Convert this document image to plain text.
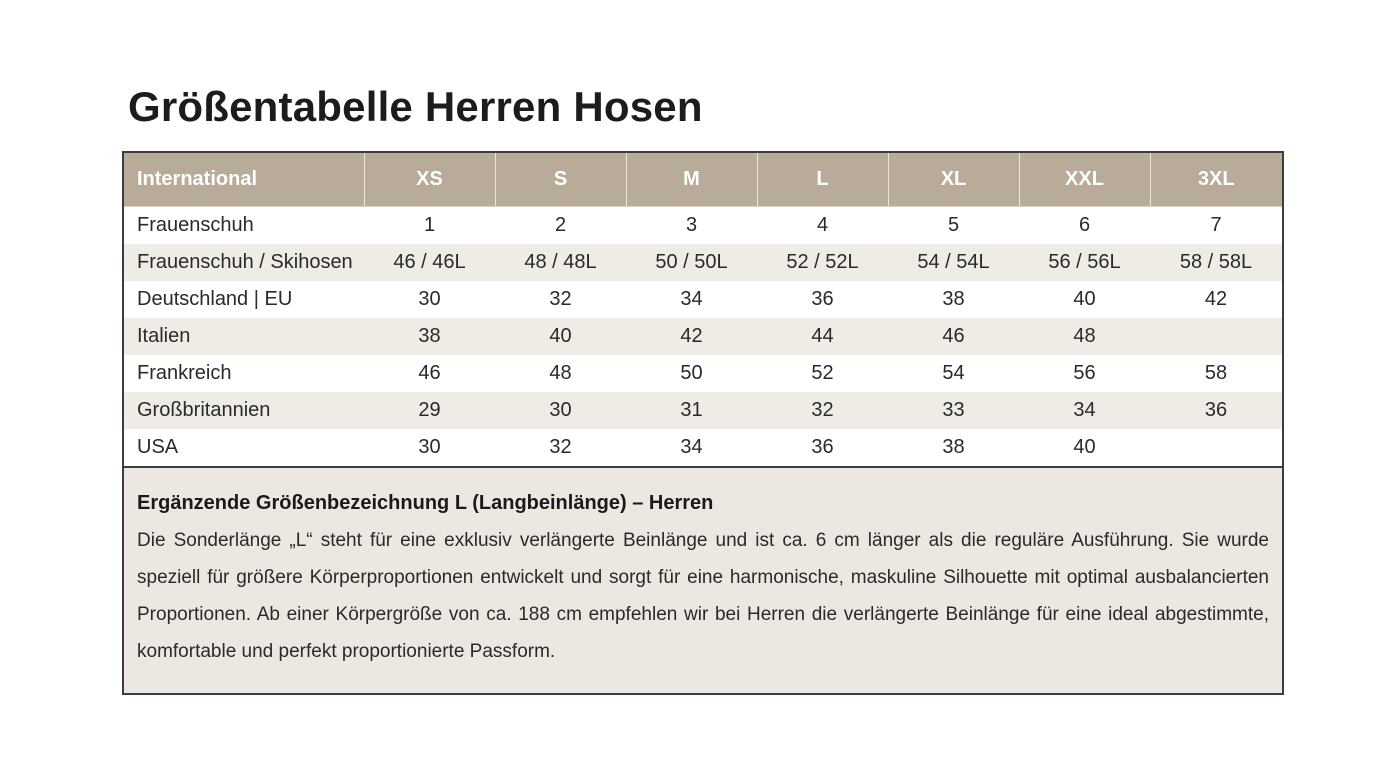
Größentabelle Herren Hosen
International	XS	S	M	L	XL	XXL	3XL
Frauenschuh	1	2	3	4	5	6	7
Frauenschuh / Skihosen	46 / 46L	48 / 48L	50 / 50L	52 / 52L	54 / 54L	56 / 56L	58 / 58L
Deutschland | EU	30	32	34	36	38	40	42
Italien	38	40	42	44	46	48	
Frankreich	46	48	50	52	54	56	58
Großbritannien	29	30	31	32	33	34	36
USA	30	32	34	36	38	40	
Ergänzende Größenbezeichnung L (Langbeinlänge) – Herren
Die Sonderlänge „L“ steht für eine exklusiv verlängerte Beinlänge und ist ca. 6 cm länger als die reguläre Ausführung. Sie wurde speziell für größere Körperproportionen entwickelt und sorgt für eine harmonische, maskuline Silhouette mit optimal ausbalancierten Proportionen. Ab einer Körpergröße von ca. 188 cm empfehlen wir bei Herren die verlängerte Beinlänge für eine ideal abgestimmte, komfortable und perfekt proportionierte Passform.
